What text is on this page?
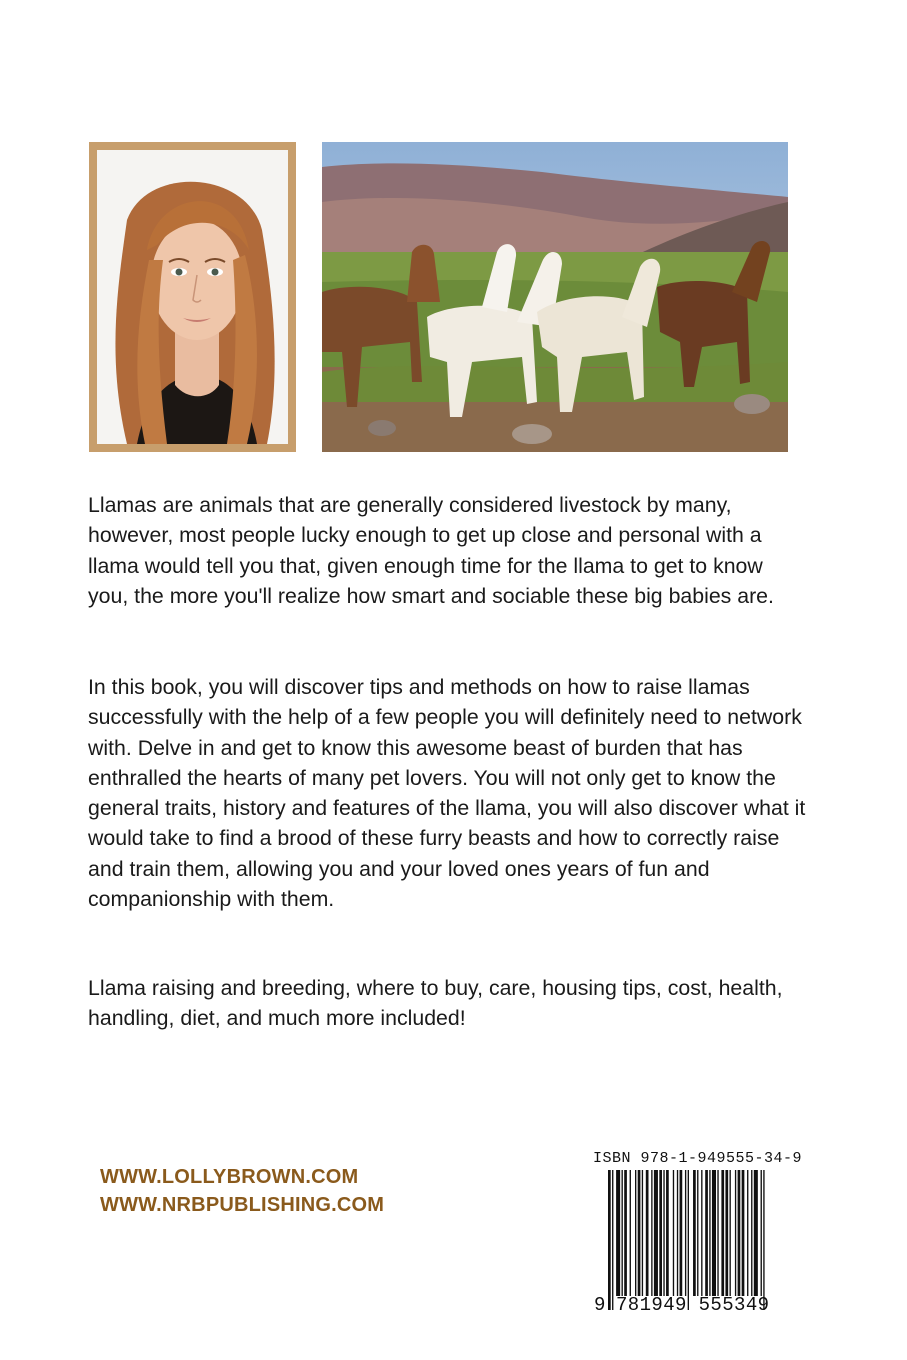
Llamas are animals that are generally considered livestock by many, however, most people lucky enough to get up close and personal with a llama would tell you that, given enough time for the llama to get to know you, the more you'll realize how smart and sociable these big babies are.

In this book, you will discover tips and methods on how to raise llamas successfully with the help of a few people you will definitely need to network with. Delve in and get to know this awesome beast of burden that has enthralled the hearts of many pet lovers. You will not only get to know the general traits, history and features of the llama, you will also discover what it would take to find a brood of these furry beasts and how to correctly raise and train them, allowing you and your loved ones years of fun and companionship with them.

Llama raising and breeding, where to buy, care, housing tips, cost, health, handling, diet, and much more included!

WWW.LOLLYBROWN.COM

WWW.NRBPUBLISHING.COM

ISBN 978-1-949555-34-9
9 781949 555349
